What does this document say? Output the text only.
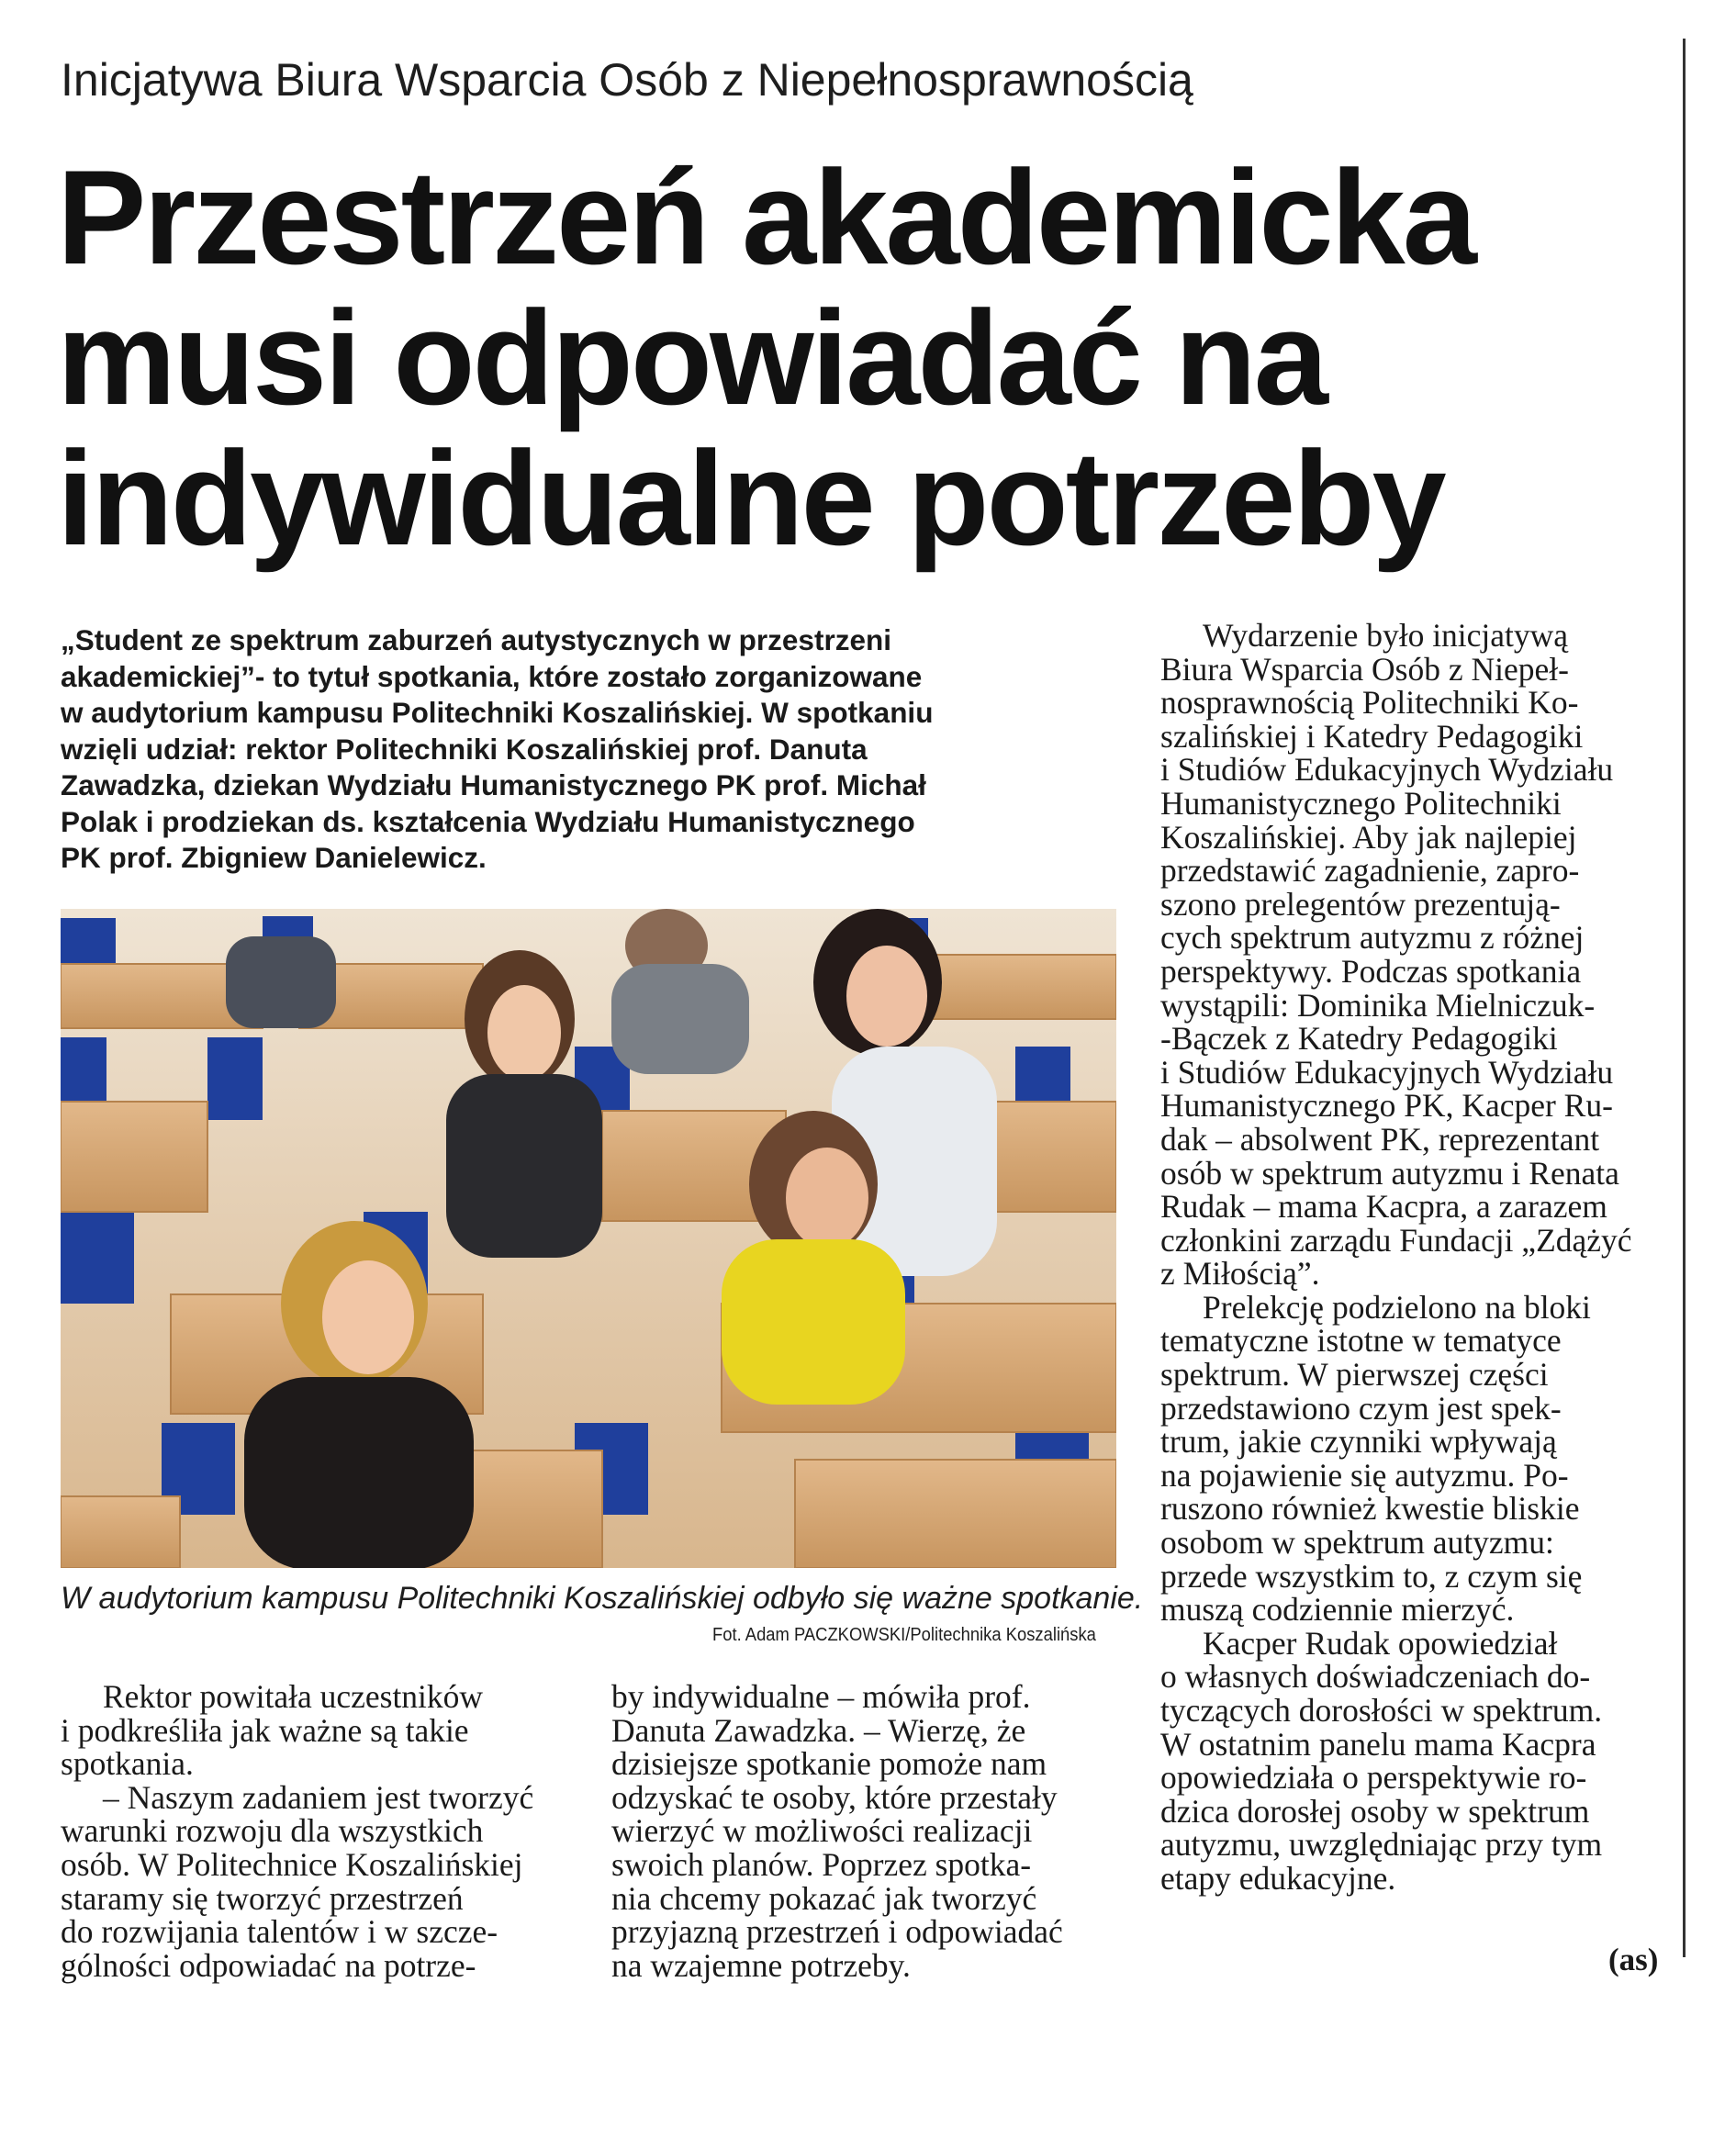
Inicjatywa Biura Wsparcia Osób z Niepełnosprawnością
Przestrzeń akademicka
musi odpowiadać na
indywidualne potrzeby
„Student ze spektrum zaburzeń autystycznych w przestrzeni
akademickiej”- to tytuł spotkania, które zostało zorganizowane
w audytorium kampusu Politechniki Koszalińskiej. W spotkaniu
wzięli udział: rektor Politechniki Koszalińskiej prof. Danuta
Zawadzka, dziekan Wydziału Humanistycznego PK prof. Michał
Polak i prodziekan ds. kształcenia Wydziału Humanistycznego
PK prof. Zbigniew Danielewicz.
W audytorium kampusu Politechniki Koszalińskiej odbyło się ważne spotkanie.
Fot. Adam PACZKOWSKI/Politechnika Koszalińska
Rektor powitała uczestników
i podkreśliła jak ważne są takie
spotkania.
– Naszym zadaniem jest tworzyć
warunki rozwoju dla wszystkich
osób. W Politechnice Koszalińskiej
staramy się tworzyć przestrzeń
do rozwijania talentów i w szcze-
gólności odpowiadać na potrze-
by indywidualne – mówiła prof.
Danuta Zawadzka. – Wierzę, że
dzisiejsze spotkanie pomoże nam
odzyskać te osoby, które przestały
wierzyć w możliwości realizacji
swoich planów. Poprzez spotka-
nia chcemy pokazać jak tworzyć
przyjazną przestrzeń i odpowiadać
na wzajemne potrzeby.
Wydarzenie było inicjatywą
Biura Wsparcia Osób z Niepeł-
nosprawnością Politechniki Ko-
szalińskiej i Katedry Pedagogiki
i Studiów Edukacyjnych Wydziału
Humanistycznego Politechniki
Koszalińskiej. Aby jak najlepiej
przedstawić zagadnienie, zapro-
szono prelegentów prezentują-
cych spektrum autyzmu z różnej
perspektywy. Podczas spotkania
wystąpili: Dominika Mielniczuk-
-Bączek z Katedry Pedagogiki
i Studiów Edukacyjnych Wydziału
Humanistycznego PK, Kacper Ru-
dak – absolwent PK, reprezentant
osób w spektrum autyzmu i Renata
Rudak – mama Kacpra, a zarazem
członkini zarządu Fundacji „Zdążyć
z Miłością”.
Prelekcję podzielono na bloki
tematyczne istotne w tematyce
spektrum. W pierwszej części
przedstawiono czym jest spek-
trum, jakie czynniki wpływają
na pojawienie się autyzmu. Po-
ruszono również kwestie bliskie
osobom w spektrum autyzmu:
przede wszystkim to, z czym się
muszą codziennie mierzyć.
Kacper Rudak opowiedział
o własnych doświadczeniach do-
tyczących dorosłości w spektrum.
W ostatnim panelu mama Kacpra
opowiedziała o perspektywie ro-
dzica dorosłej osoby w spektrum
autyzmu, uwzględniając przy tym
etapy edukacyjne.
(as)
